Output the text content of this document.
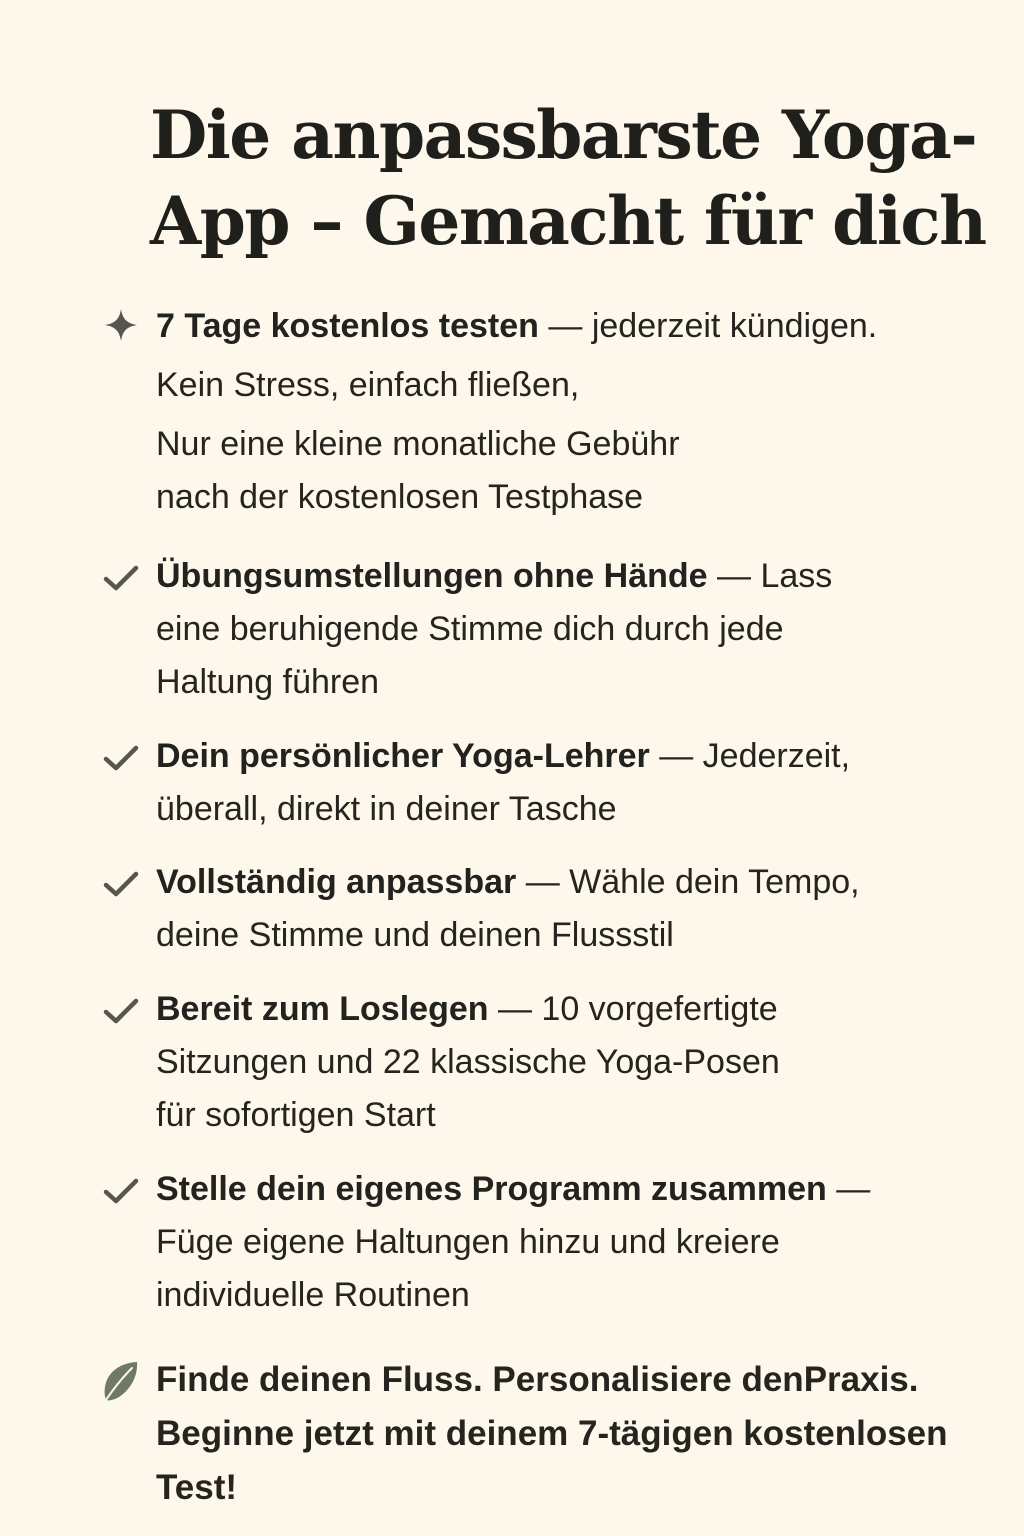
Die anpassbarste Yoga-
App – Gemacht für dich
7 Tage kostenlos testen — jederzeit kündigen.
Kein Stress, einfach fließen,
Nur eine kleine monatliche Gebühr
nach der kostenlosen Testphase
Übungsumstellungen ohne Hände — Lass
eine beruhigende Stimme dich durch jede
Haltung führen
Dein persönlicher Yoga-Lehrer — Jederzeit,
überall, direkt in deiner Tasche
Vollständig anpassbar — Wähle dein Tempo,
deine Stimme und deinen Flussstil
Bereit zum Loslegen — 10 vorgefertigte
Sitzungen und 22 klassische Yoga-Posen
für sofortigen Start
Stelle dein eigenes Programm zusammen —
Füge eigene Haltungen hinzu und kreiere
individuelle Routinen
Finde deinen Fluss. Personalisiere denPraxis.
Beginne jetzt mit deinem 7-tägigen kostenlosen
Test!
